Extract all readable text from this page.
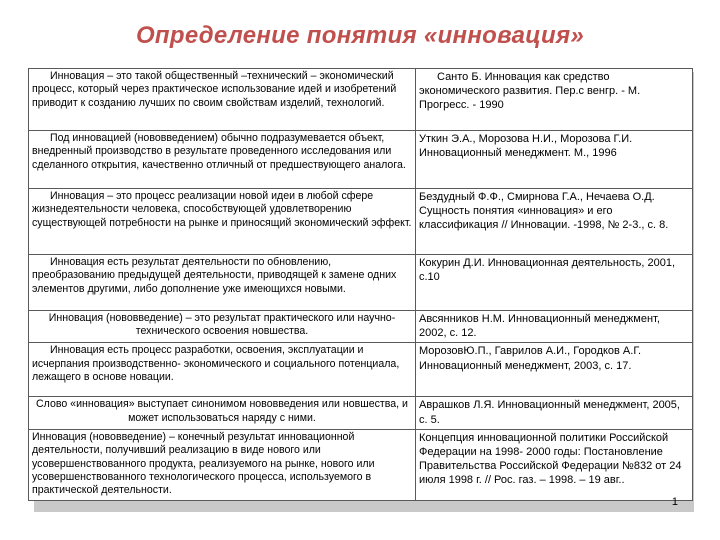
Определение понятия «инновация»
Инновация – это такой общественный –технический – экономический процесс, который через практическое использование идей и изобретений приводит к созданию лучших по своим свойствам изделий, технологий.	Санто Б. Инновация как средство экономического развития. Пер.с венгр. - М. Прогресс. - 1990

Под инновацией (нововведением) обычно подразумевается объект, внедренный производство в результате проведенного исследования или сделанного открытия, качественно отличный от предшествующего аналога.	Уткин Э.А., Морозова Н.И., Морозова Г.И. Инновационный менеджмент. М., 1996

Инновация – это процесс реализации новой идеи в любой сфере жизнедеятельности человека, способствующей удовлетворению существующей потребности на рынке и приносящий экономический эффект.	Бездудный Ф.Ф., Смирнова Г.А., Нечаева О.Д. Сущность понятия «инновация» и его классификация // Инновации. -1998, № 2-3., с. 8.

Инновация есть результат деятельности по обновлению, преобразованию предыдущей деятельности, приводящей к замене одних элементов другими, либо дополнение уже имеющихся новыми.	Кокурин Д.И. Инновационная деятельность, 2001, с.10

Инновация (нововведение) – это результат практического или научно-технического освоения новшества.	Авсянников Н.М. Инновационный менеджмент, 2002, с. 12.

Инновация есть процесс разработки, освоения, эксплуатации и исчерпания производственно- экономического и социального потенциала, лежащего в основе новации.	МорозовЮ.П., Гаврилов А.И., Городков А.Г. Инновационный менеджмент, 2003, с. 17.

Слово «инновация» выступает синонимом нововведения или новшества, и может использоваться наряду с ними.	Аврашков Л.Я. Инновационный менеджмент, 2005, с. 5.
Инновация (нововведение) – конечный результат инновационной деятельности, получивший реализацию в виде нового или усовершенствованного продукта, реализуемого на рынке, нового или усовершенствованного технологического процесса, используемого в практической деятельности.	Концепция инновационной политики Российской Федерации на 1998- 2000 годы: Постановление Правительства Российской Федерации №832 от 24 июля 1998 г. // Рос. газ. – 1998. – 19 авг..
1
